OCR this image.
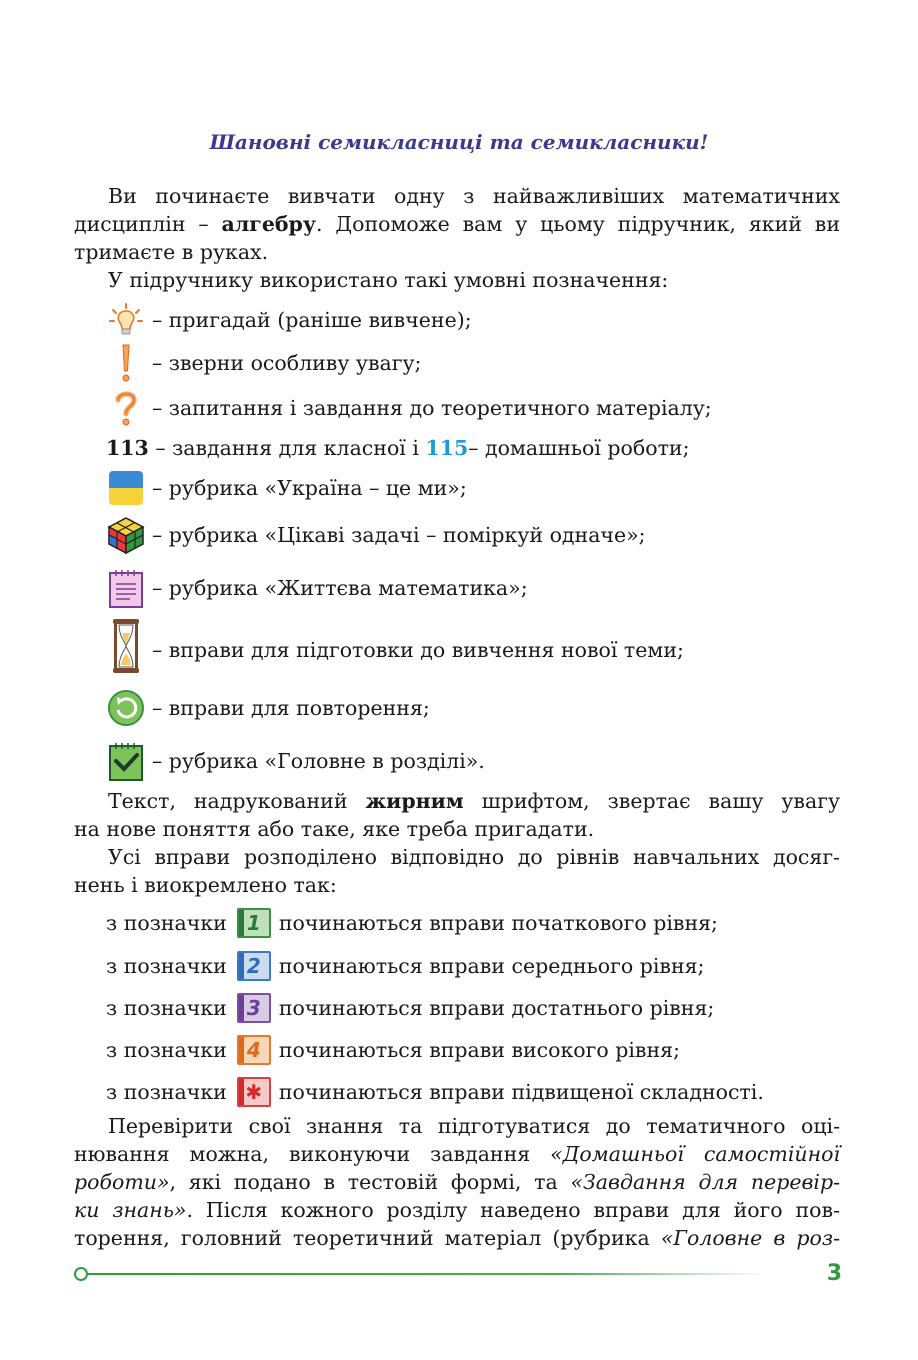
Шановні семикласниці та семикласники!
Ви починаєте вивчати одну з найважливіших математичних
дисциплін – алгебру. Допоможе вам у цьому підручник, який ви
тримаєте в руках.
У підручнику використано такі умовні позначення:
– пригадай (раніше вивчене);
– зверни особливу увагу;
– запитання і завдання до теоретичного матеріалу;
113 – завдання для класної і 115 – домашньої роботи;
– рубрика «Україна – це ми»;
– рубрика «Цікаві задачі – поміркуй одначе»;
– рубрика «Життєва математика»;
– вправи для підготовки до вивчення нової теми;
– вправи для повторення;
– рубрика «Головне в розділі».
Текст, надрукований жирним шрифтом, звертає вашу увагу
на нове поняття або таке, яке треба пригадати.
Усі вправи розподілено відповідно до рівнів навчальних досяг-
нень і виокремлено так:
з позначки	1 починаються вправи початкового рівня;
з позначки	2 починаються вправи середнього рівня;
з позначки	3 починаються вправи достатнього рівня;
з позначки	4 починаються вправи високого рівня;
з позначки ✱ починаються вправи підвищеної складності.
Перевірити свої знання та підготуватися до тематичного оці-
нювання можна, виконуючи завдання «Домашньої самостійної
роботи», які подано в тестовій формі, та «Завдання для перевір-
ки знань». Після кожного розділу наведено вправи для його пов-
торення, головний теоретичний матеріал (рубрика «Головне в роз-
3
